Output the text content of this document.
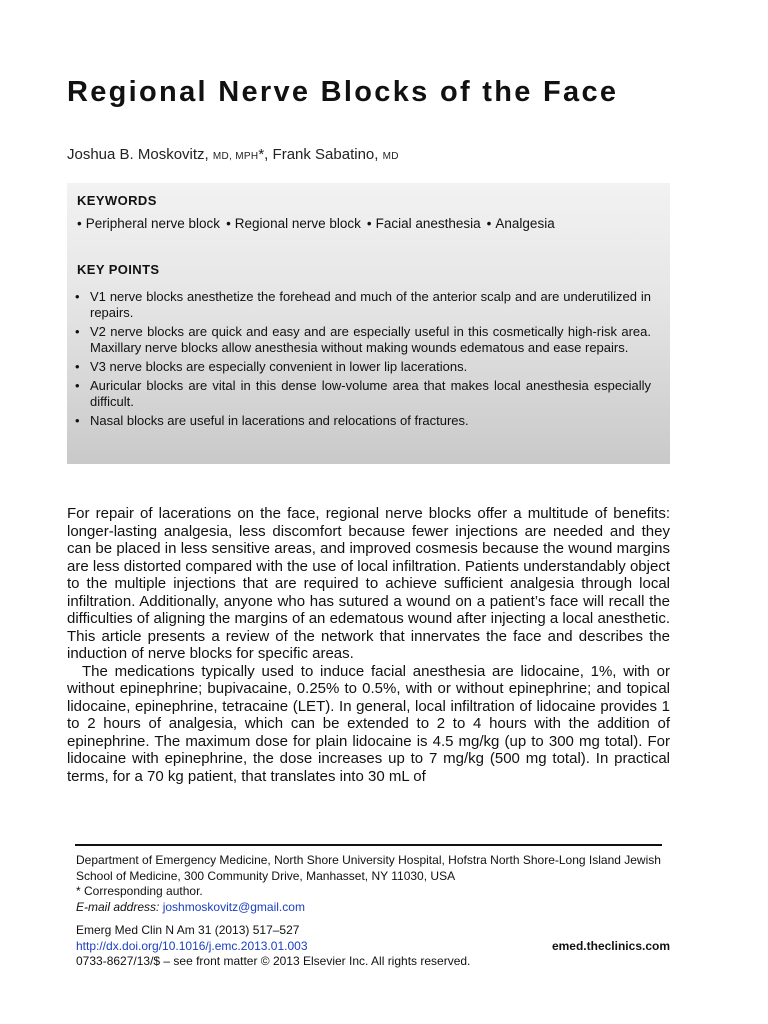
Regional Nerve Blocks of the Face
Joshua B. Moskovitz, MD, MPH*, Frank Sabatino, MD
KEYWORDS
• Peripheral nerve block • Regional nerve block • Facial anesthesia • Analgesia
KEY POINTS
• V1 nerve blocks anesthetize the forehead and much of the anterior scalp and are underutilized in repairs.
• V2 nerve blocks are quick and easy and are especially useful in this cosmetically high-risk area. Maxillary nerve blocks allow anesthesia without making wounds edematous and ease repairs.
• V3 nerve blocks are especially convenient in lower lip lacerations.
• Auricular blocks are vital in this dense low-volume area that makes local anesthesia especially difficult.
• Nasal blocks are useful in lacerations and relocations of fractures.

For repair of lacerations on the face, regional nerve blocks offer a multitude of benefits: longer-lasting analgesia, less discomfort because fewer injections are needed and they can be placed in less sensitive areas, and improved cosmesis because the wound margins are less distorted compared with the use of local infiltration. Patients understandably object to the multiple injections that are required to achieve sufficient analgesia through local infiltration. Additionally, anyone who has sutured a wound on a patient’s face will recall the difficulties of aligning the margins of an edematous wound after injecting a local anesthetic. This article presents a review of the network that innervates the face and describes the induction of nerve blocks for specific areas.

The medications typically used to induce facial anesthesia are lidocaine, 1%, with or without epinephrine; bupivacaine, 0.25% to 0.5%, with or without epinephrine; and topical lidocaine, epinephrine, tetracaine (LET). In general, local infiltration of lidocaine provides 1 to 2 hours of analgesia, which can be extended to 2 to 4 hours with the addition of epinephrine. The maximum dose for plain lidocaine is 4.5 mg/kg (up to 300 mg total). For lidocaine with epinephrine, the dose increases up to 7 mg/kg (500 mg total). In practical terms, for a 70 kg patient, that translates into 30 mL of

Department of Emergency Medicine, North Shore University Hospital, Hofstra North Shore-Long Island Jewish School of Medicine, 300 Community Drive, Manhasset, NY 11030, USA
* Corresponding author.
E-mail address: joshmoskovitz@gmail.com
Emerg Med Clin N Am 31 (2013) 517–527
http://dx.doi.org/10.1016/j.emc.2013.01.003
0733-8627/13/$ – see front matter © 2013 Elsevier Inc. All rights reserved.
emed.theclinics.com
